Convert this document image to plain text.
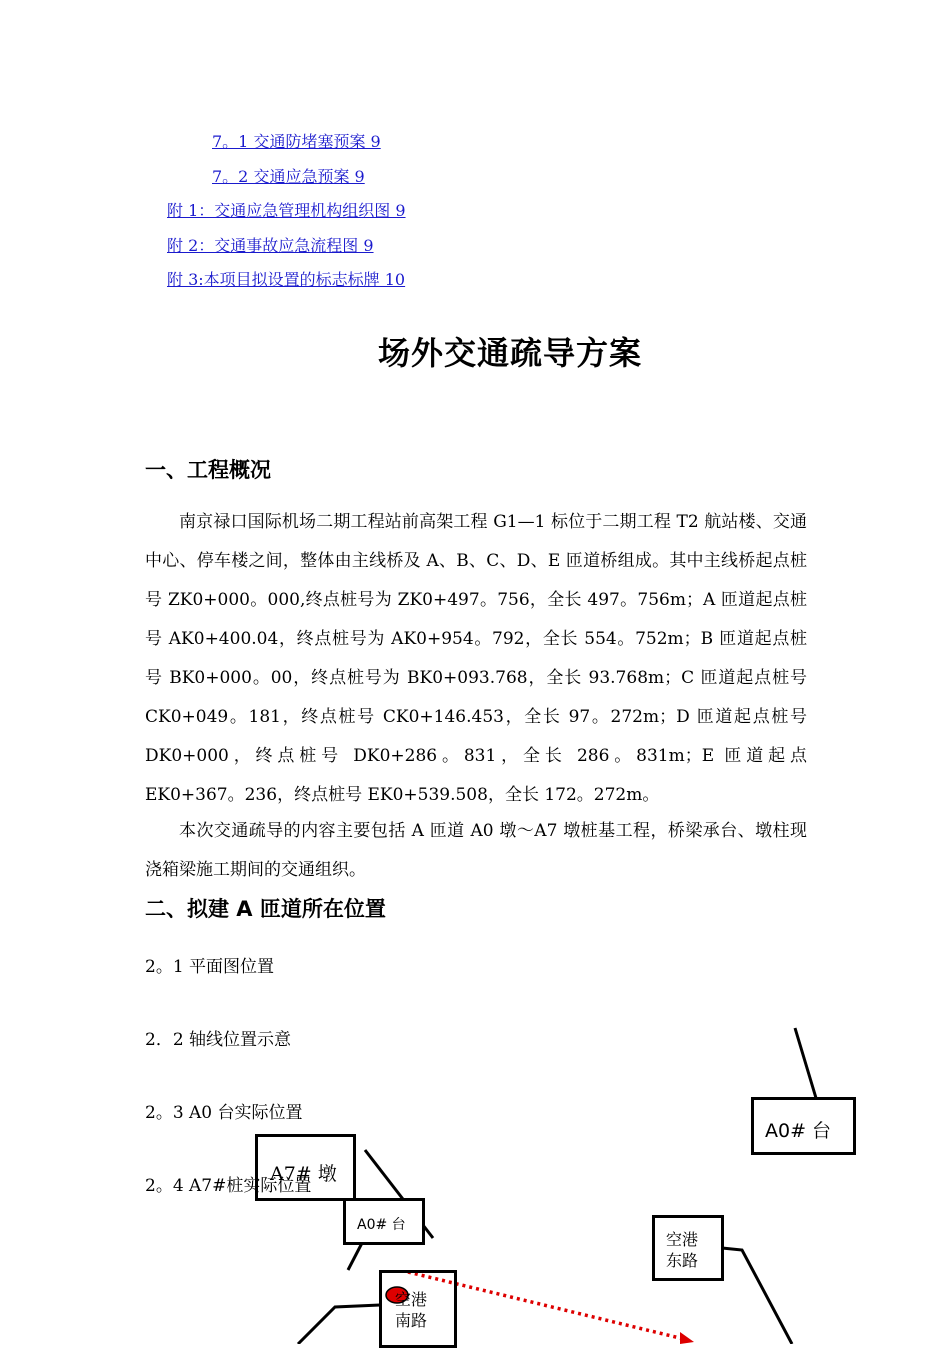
7。1 交通防堵塞预案 9
7。2 交通应急预案 9
附 1：交通应急管理机构组织图 9
附 2：交通事故应急流程图 9
附 3:本项目拟设置的标志标牌 10
场外交通疏导方案
一、工程概况

南京禄口国际机场二期工程站前高架工程 G1—1 标位于二期工程 T2 航站楼、交通中心、停车楼之间，整体由主线桥及 A、B、C、D、E 匝道桥组成。其中主线桥起点桩号 ZK0+000。000,终点桩号为 ZK0+497。756，全长 497。756m；A 匝道起点桩号 AK0+400.04，终点桩号为 AK0+954。792，全长 554。752m；B 匝道起点桩号 BK0+000。00，终点桩号为 BK0+093.768，全长 93.768m；C 匝道起点桩号 CK0+049。181，终点桩号 CK0+146.453，全长 97。272m；D 匝道起点桩号 DK0+000，终点桩号 DK0+286。831，全长 286。831m；E 匝道起点 EK0+367。236，终点桩号 EK0+539.508，全长 172。272m。

本次交通疏导的内容主要包括 A 匝道 A0 墩～A7 墩桩基工程，桥梁承台、墩柱现浇箱梁施工期间的交通组织。

二、拟建 A 匝道所在位置
2。1 平面图位置
2．2 轴线位置示意
2。3 A0 台实际位置
2。4 A7#桩实际位置
A0# 台
A7# 墩
A0# 台
空港东路
空港南路
